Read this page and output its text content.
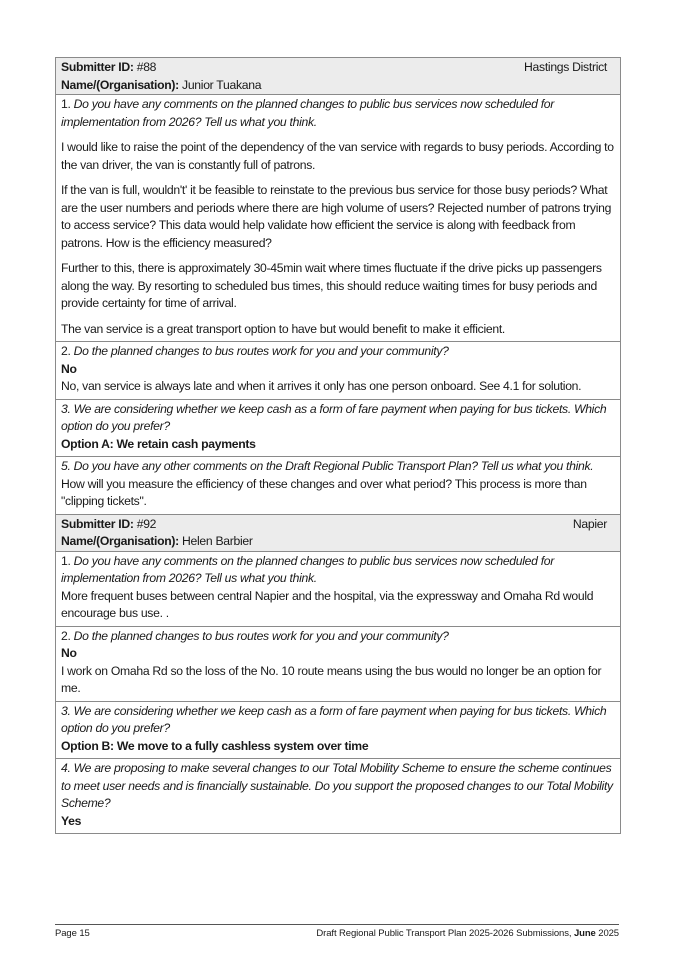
Submitter ID: #88
Name/(Organisation): Junior Tuakana
Hastings District

1. Do you have any comments on the planned changes to public bus services now scheduled for implementation from 2026? Tell us what you think.

I would like to raise the point of the dependency of the van service with regards to busy periods. According to the van driver, the van is constantly full of patrons.

If the van is full, wouldn't' it be feasible to reinstate to the previous bus service for those busy periods? What are the user numbers and periods where there are high volume of users? Rejected number of patrons trying to access service? This data would help validate how efficient the service is along with feedback from patrons. How is the efficiency measured?

Further to this, there is approximately 30-45min wait where times fluctuate if the drive picks up passengers along the way. By resorting to scheduled bus times, this should reduce waiting times for busy periods and provide certainty for time of arrival.

The van service is a great transport option to have but would benefit to make it efficient.

2. Do the planned changes to bus routes work for you and your community?

No

No, van service is always late and when it arrives it only has one person onboard. See 4.1 for solution.

3. We are considering whether we keep cash as a form of fare payment when paying for bus tickets. Which option do you prefer?

Option A: We retain cash payments

5. Do you have any other comments on the Draft Regional Public Transport Plan? Tell us what you think.

How will you measure the efficiency of these changes and over what period? This process is more than "clipping tickets".

Submitter ID: #92
Name/(Organisation): Helen Barbier
Napier

1. Do you have any comments on the planned changes to public bus services now scheduled for implementation from 2026? Tell us what you think.

More frequent buses between central Napier and the hospital, via the expressway and Omaha Rd would encourage bus use. .

2. Do the planned changes to bus routes work for you and your community?

No

I work on Omaha Rd so the loss of the No. 10 route means using the bus would no longer be an option for me.

3. We are considering whether we keep cash as a form of fare payment when paying for bus tickets. Which option do you prefer?

Option B: We move to a fully cashless system over time

4. We are proposing to make several changes to our Total Mobility Scheme to ensure the scheme continues to meet user needs and is financially sustainable. Do you support the proposed changes to our Total Mobility Scheme?

Yes

Page 15	Draft Regional Public Transport Plan 2025-2026 Submissions, June 2025
